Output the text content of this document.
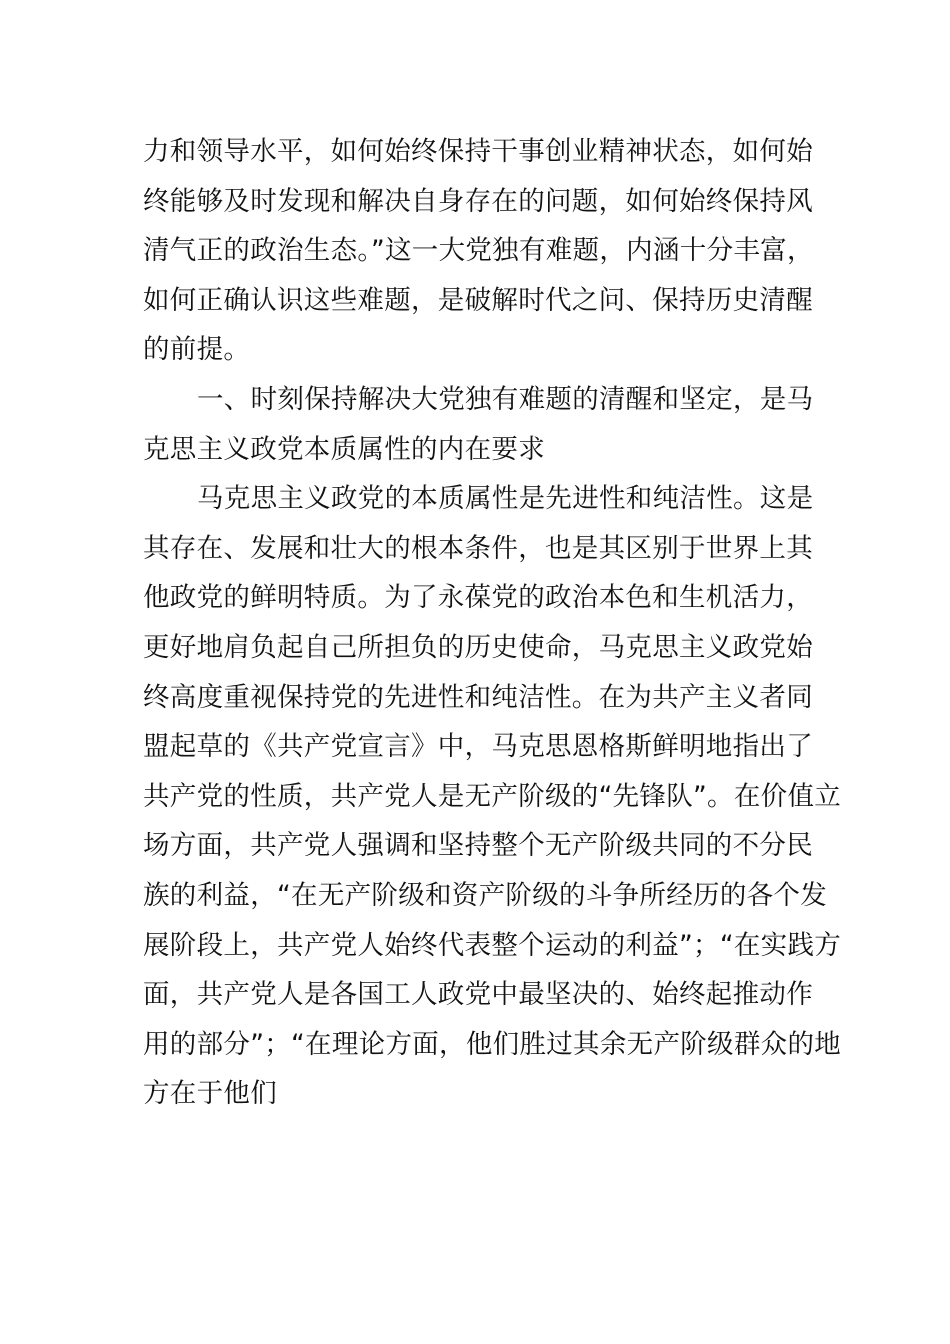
力和领导水平，如何始终保持干事创业精神状态，如何始
终能够及时发现和解决自身存在的问题，如何始终保持风
清气正的政治生态。”这一大党独有难题，内涵十分丰富，
如何正确认识这些难题，是破解时代之问、保持历史清醒
的前提。
一、时刻保持解决大党独有难题的清醒和坚定，是马
克思主义政党本质属性的内在要求
马克思主义政党的本质属性是先进性和纯洁性。这是
其存在、发展和壮大的根本条件，也是其区别于世界上其
他政党的鲜明特质。为了永葆党的政治本色和生机活力，
更好地肩负起自己所担负的历史使命，马克思主义政党始
终高度重视保持党的先进性和纯洁性。在为共产主义者同
盟起草的《共产党宣言》中，马克思恩格斯鲜明地指出了
共产党的性质，共产党人是无产阶级的“先锋队”。在价值立
场方面，共产党人强调和坚持整个无产阶级共同的不分民
族的利益，“在无产阶级和资产阶级的斗争所经历的各个发
展阶段上，共产党人始终代表整个运动的利益”；“在实践方
面，共产党人是各国工人政党中最坚决的、始终起推动作
用的部分”；“在理论方面，他们胜过其余无产阶级群众的地
方在于他们
